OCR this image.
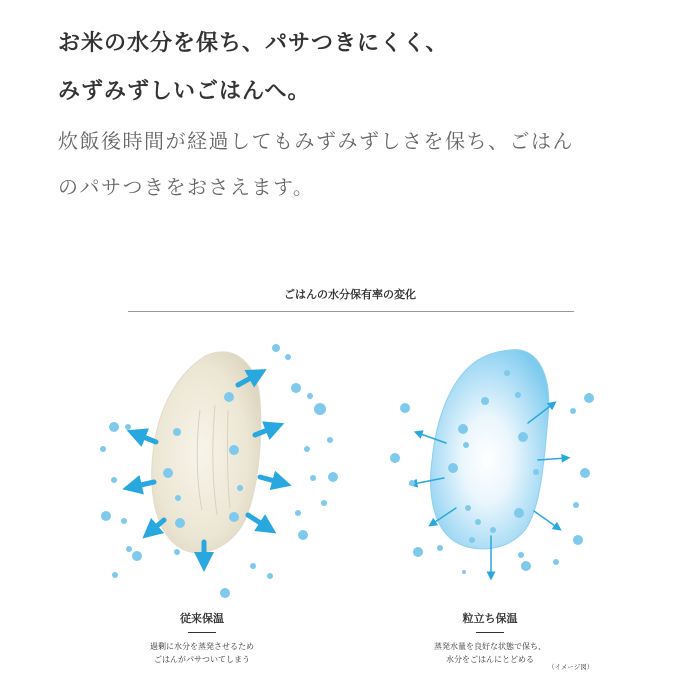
お米の水分を保ち、パサつきにくく、
みずみずしいごはんへ。
炊飯後時間が経過してもみずみずしさを保ち、ごはん
のパサつきをおさえます。
ごはんの水分保有率の変化
従来保温
過剰に水分を蒸発させるため
ごはんがパサついてしまう
粒立ち保温
蒸発水量を良好な状態で保ち、
水分をごはんにとどめる
（イメージ図）
